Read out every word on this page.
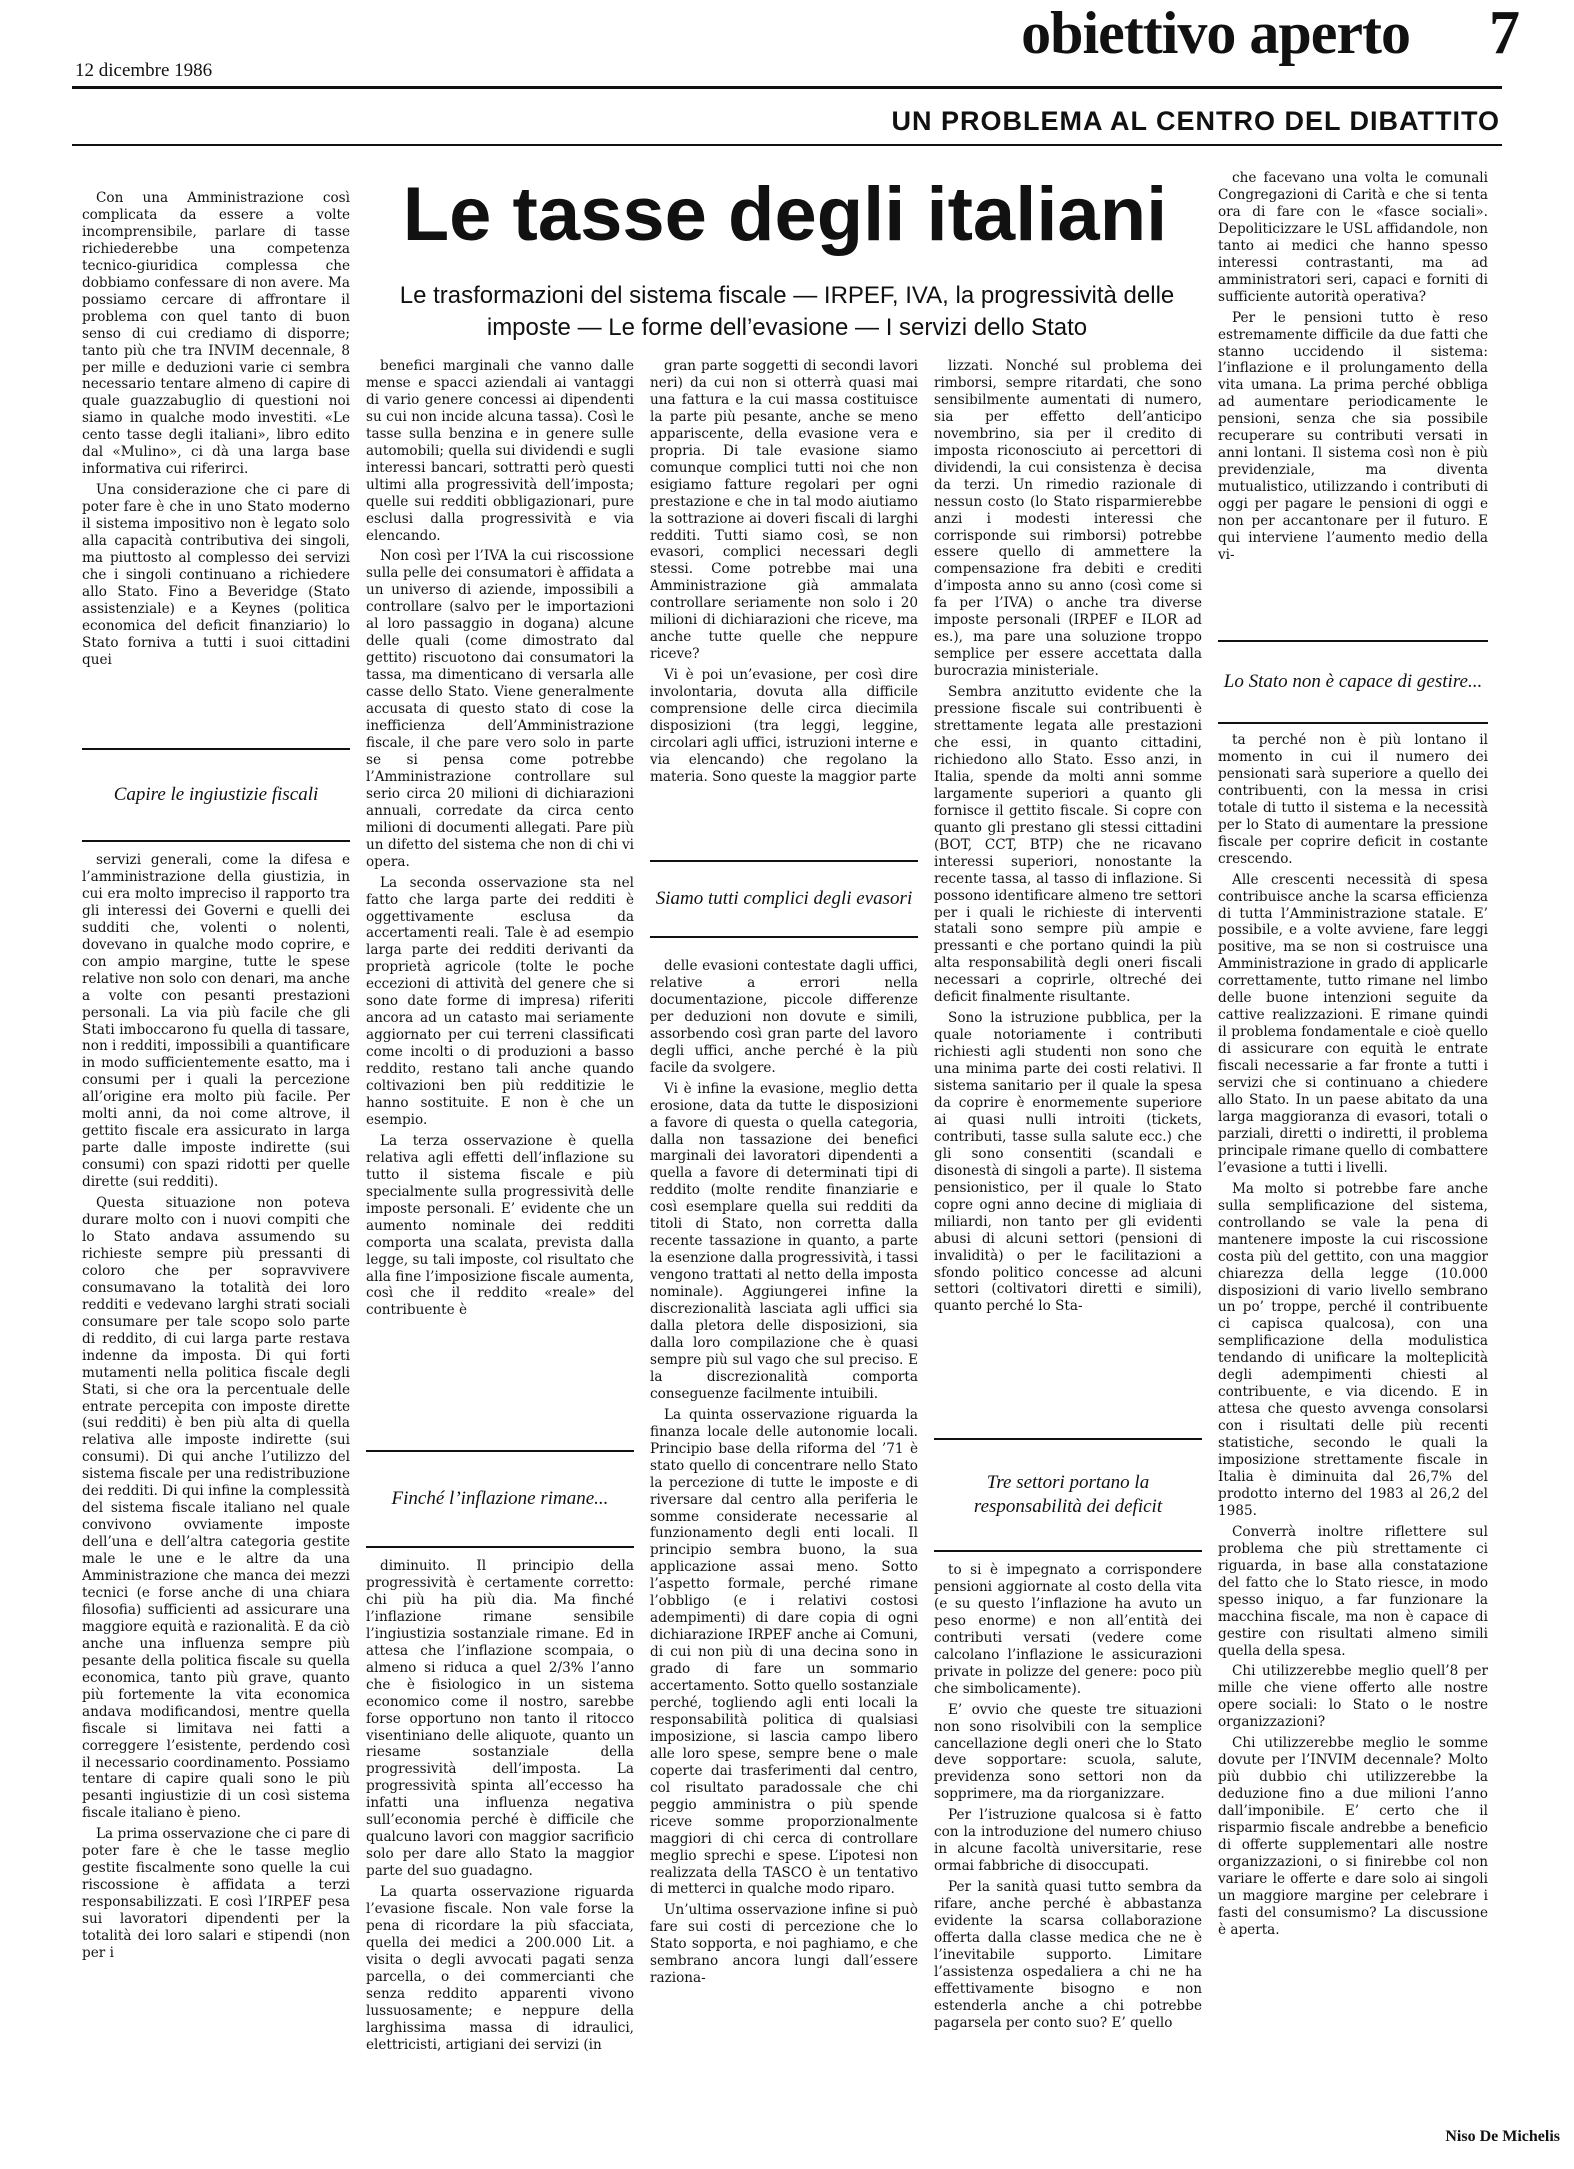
obiettivo aperto	7
12 dicembre 1986
UN PROBLEMA AL CENTRO DEL DIBATTITO
Le tasse degli italiani
Le trasformazioni del sistema fiscale — IRPEF, IVA, la progressività delle imposte — Le forme dell’evasione — I servizi dello Stato

Con una Amministrazione così complicata da essere a volte incomprensibile, parlare di tasse richiederebbe una competenza tecnico-giuridica complessa che dobbiamo confessare di non avere. Ma possiamo cercare di affrontare il problema con quel tanto di buon senso di cui crediamo di disporre; tanto più che tra INVIM decennale, 8 per mille e deduzioni varie ci sembra necessario tentare almeno di capire di quale guazzabuglio di questioni noi siamo in qualche modo investiti. «Le cento tasse degli italiani», libro edito dal «Mulino», ci dà una larga base informativa cui riferirci.

Una considerazione che ci pare di poter fare è che in uno Stato moderno il sistema impositivo non è legato solo alla capacità contributiva dei singoli, ma piuttosto al complesso dei servizi che i singoli continuano a richiedere allo Stato. Fino a Beveridge (Stato assistenziale) e a Keynes (politica economica del deficit finanziario) lo Stato forniva a tutti i suoi cittadini quei

Capire le ingiustizie fiscali

servizi generali, come la difesa e l’amministrazione della giustizia, in cui era molto impreciso il rapporto tra gli interessi dei Governi e quelli dei sudditi che, volenti o nolenti, dovevano in qualche modo coprire, e con ampio margine, tutte le spese relative non solo con denari, ma anche a volte con pesanti prestazioni personali. La via più facile che gli Stati imboccarono fu quella di tassare, non i redditi, impossibili a quantificare in modo sufficientemente esatto, ma i consumi per i quali la percezione all’origine era molto più facile. Per molti anni, da noi come altrove, il gettito fiscale era assicurato in larga parte dalle imposte indirette (sui consumi) con spazi ridotti per quelle dirette (sui redditi).

Questa situazione non poteva durare molto con i nuovi compiti che lo Stato andava assumendo su richieste sempre più pressanti di coloro che per sopravvivere consumavano la totalità dei loro redditi e vedevano larghi strati sociali consumare per tale scopo solo parte di reddito, di cui larga parte restava indenne da imposta. Di qui forti mutamenti nella politica fiscale degli Stati, si che ora la percentuale delle entrate percepita con imposte dirette (sui redditi) è ben più alta di quella relativa alle imposte indirette (sui consumi). Di qui anche l’utilizzo del sistema fiscale per una redistribuzione dei redditi. Di qui infine la complessità del sistema fiscale italiano nel quale convivono ovviamente imposte dell’una e dell’altra categoria gestite male le une e le altre da una Amministrazione che manca dei mezzi tecnici (e forse anche di una chiara filosofia) sufficienti ad assicurare una maggiore equità e razionalità. E da ciò anche una influenza sempre più pesante della politica fiscale su quella economica, tanto più grave, quanto più fortemente la vita economica andava modificandosi, mentre quella fiscale si limitava nei fatti a correggere l’esistente, perdendo così il necessario coordinamento. Possiamo tentare di capire quali sono le più pesanti ingiustizie di un così sistema fiscale italiano è pieno.

La prima osservazione che ci pare di poter fare è che le tasse meglio gestite fiscalmente sono quelle la cui riscossione è affidata a terzi responsabilizzati. E così l’IRPEF pesa sui lavoratori dipendenti per la totalità dei loro salari e stipendi (non per i

benefici marginali che vanno dalle mense e spacci aziendali ai vantaggi di vario genere concessi ai dipendenti su cui non incide alcuna tassa). Così le tasse sulla benzina e in genere sulle automobili; quella sui dividendi e sugli interessi bancari, sottratti però questi ultimi alla progressività dell’imposta; quelle sui redditi obbligazionari, pure esclusi dalla progressività e via elencando.

Non così per l’IVA la cui riscossione sulla pelle dei consumatori è affidata a un universo di aziende, impossibili a controllare (salvo per le importazioni al loro passaggio in dogana) alcune delle quali (come dimostrato dal gettito) riscuotono dai consumatori la tassa, ma dimenticano di versarla alle casse dello Stato. Viene generalmente accusata di questo stato di cose la inefficienza dell’Amministrazione fiscale, il che pare vero solo in parte se si pensa come potrebbe l’Amministrazione controllare sul serio circa 20 milioni di dichiarazioni annuali, corredate da circa cento milioni di documenti allegati. Pare più un difetto del sistema che non di chi vi opera.

La seconda osservazione sta nel fatto che larga parte dei redditi è oggettivamente esclusa da accertamenti reali. Tale è ad esempio larga parte dei redditi derivanti da proprietà agricole (tolte le poche eccezioni di attività del genere che si sono date forme di impresa) riferiti ancora ad un catasto mai seriamente aggiornato per cui terreni classificati come incolti o di produzioni a basso reddito, restano tali anche quando coltivazioni ben più redditizie le hanno sostituite. E non è che un esempio.

La terza osservazione è quella relativa agli effetti dell’inflazione su tutto il sistema fiscale e più specialmente sulla progressività delle imposte personali. E’ evidente che un aumento nominale dei redditi comporta una scalata, prevista dalla legge, su tali imposte, col risultato che alla fine l’imposizione fiscale aumenta, così che il reddito «reale» del contribuente è

Finché l’inflazione rimane...

diminuito. Il principio della progressività è certamente corretto: chi più ha più dia. Ma finché l’inflazione rimane sensibile l’ingiustizia sostanziale rimane. Ed in attesa che l’inflazione scompaia, o almeno si riduca a quel 2/3% l’anno che è fisiologico in un sistema economico come il nostro, sarebbe forse opportuno non tanto il ritocco visentiniano delle aliquote, quanto un riesame sostanziale della progressività dell’imposta. La progressività spinta all’eccesso ha infatti una influenza negativa sull’economia perché è difficile che qualcuno lavori con maggior sacrificio solo per dare allo Stato la maggior parte del suo guadagno.

La quarta osservazione riguarda l’evasione fiscale. Non vale forse la pena di ricordare la più sfacciata, quella dei medici a 200.000 Lit. a visita o degli avvocati pagati senza parcella, o dei commercianti che senza reddito apparenti vivono lussuosamente; e neppure della larghissima massa di idraulici, elettricisti, artigiani dei servizi (in

gran parte soggetti di secondi lavori neri) da cui non si otterrà quasi mai una fattura e la cui massa costituisce la parte più pesante, anche se meno appariscente, della evasione vera e propria. Di tale evasione siamo comunque complici tutti noi che non esigiamo fatture regolari per ogni prestazione e che in tal modo aiutiamo la sottrazione ai doveri fiscali di larghi redditi. Tutti siamo così, se non evasori, complici necessari degli stessi. Come potrebbe mai una Amministrazione già ammalata controllare seriamente non solo i 20 milioni di dichiarazioni che riceve, ma anche tutte quelle che neppure riceve?

Vi è poi un’evasione, per così dire involontaria, dovuta alla difficile comprensione delle circa diecimila disposizioni (tra leggi, leggine, circolari agli uffici, istruzioni interne e via elencando) che regolano la materia. Sono queste la maggior parte

Siamo tutti complici degli evasori

delle evasioni contestate dagli uffici, relative a errori nella documentazione, piccole differenze per deduzioni non dovute e simili, assorbendo così gran parte del lavoro degli uffici, anche perché è la più facile da svolgere.

Vi è infine la evasione, meglio detta erosione, data da tutte le disposizioni a favore di questa o quella categoria, dalla non tassazione dei benefici marginali dei lavoratori dipendenti a quella a favore di determinati tipi di reddito (molte rendite finanziarie e così esemplare quella sui redditi da titoli di Stato, non corretta dalla recente tassazione in quanto, a parte la esenzione dalla progressività, i tassi vengono trattati al netto della imposta nominale). Aggiungerei infine la discrezionalità lasciata agli uffici sia dalla pletora delle disposizioni, sia dalla loro compilazione che è quasi sempre più sul vago che sul preciso. E la discrezionalità comporta conseguenze facilmente intuibili.

La quinta osservazione riguarda la finanza locale delle autonomie locali. Principio base della riforma del ’71 è stato quello di concentrare nello Stato la percezione di tutte le imposte e di riversare dal centro alla periferia le somme considerate necessarie al funzionamento degli enti locali. Il principio sembra buono, la sua applicazione assai meno. Sotto l’aspetto formale, perché rimane l’obbligo (e i relativi costosi adempimenti) di dare copia di ogni dichiarazione IRPEF anche ai Comuni, di cui non più di una decina sono in grado di fare un sommario accertamento. Sotto quello sostanziale perché, togliendo agli enti locali la responsabilità politica di qualsiasi imposizione, si lascia campo libero alle loro spese, sempre bene o male coperte dai trasferimenti dal centro, col risultato paradossale che chi peggio amministra o più spende riceve somme proporzionalmente maggiori di chi cerca di controllare meglio sprechi e spese. L’ipotesi non realizzata della TASCO è un tentativo di metterci in qualche modo riparo.

Un’ultima osservazione infine si può fare sui costi di percezione che lo Stato sopporta, e noi paghiamo, e che sembrano ancora lungi dall’essere raziona-

lizzati. Nonché sul problema dei rimborsi, sempre ritardati, che sono sensibilmente aumentati di numero, sia per effetto dell’anticipo novembrino, sia per il credito di imposta riconosciuto ai percettori di dividendi, la cui consistenza è decisa da terzi. Un rimedio razionale di nessun costo (lo Stato risparmierebbe anzi i modesti interessi che corrisponde sui rimborsi) potrebbe essere quello di ammettere la compensazione fra debiti e crediti d’imposta anno su anno (così come si fa per l’IVA) o anche tra diverse imposte personali (IRPEF e ILOR ad es.), ma pare una soluzione troppo semplice per essere accettata dalla burocrazia ministeriale.

Sembra anzitutto evidente che la pressione fiscale sui contribuenti è strettamente legata alle prestazioni che essi, in quanto cittadini, richiedono allo Stato. Esso anzi, in Italia, spende da molti anni somme largamente superiori a quanto gli forniscе il gettito fiscale. Si copre con quanto gli prestano gli stessi cittadini (BOT, CCT, BTP) che ne ricavano interessi superiori, nonostante la recente tassa, al tasso di inflazione. Si possono identificare almeno tre settori per i quali le richieste di interventi statali sono sempre più ampie e pressanti e che portano quindi la più alta responsabilità degli oneri fiscali necessari a coprirle, oltreché dei deficit finalmente risultante.

Sono la istruzione pubblica, per la quale notoriamente i contributi richiesti agli studenti non sono che una minima parte dei costi relativi. Il sistema sanitario per il quale la spesa da coprire è enormemente superiore ai quasi nulli introiti (tickets, contributi, tasse sulla salute ecc.) che gli sono consentiti (scandali e disonestà di singoli a parte). Il sistema pensionistico, per il quale lo Stato copre ogni anno decine di migliaia di miliardi, non tanto per gli evidenti abusi di alcuni settori (pensioni di invalidità) o per le facilitazioni a sfondo politico concesse ad alcuni settori (coltivatori diretti e simili), quanto perché lo Sta-

Tre settori portano la responsabilità dei deficit

to si è impegnato a corrispondere pensioni aggiornate al costo della vita (e su questo l’inflazione ha avuto un peso enorme) e non all’entità dei contributi versati (vedere come calcolano l’inflazione le assicurazioni private in polizze del genere: poco più che simbolicamente).

E’ ovvio che queste tre situazioni non sono risolvibili con la semplice cancellazione degli oneri che lo Stato deve sopportare: scuola, salute, previdenza sono settori non da sopprimere, ma da riorganizzare.

Per l’istruzione qualcosa si è fatto con la introduzione del numero chiuso in alcune facoltà universitarie, rese ormai fabbriche di disoccupati.

Per la sanità quasi tutto sembra da rifare, anche perché è abbastanza evidente la scarsa collaborazione offerta dalla classe medica che ne è l’inevitabile supporto. Limitare l’assistenza ospedaliera a chi ne ha effettivamente bisogno e non estenderla anche a chi potrebbe pagarsela per conto suo? E’ quello

che facevano una volta le comunali Congregazioni di Carità e che si tenta ora di fare con le «fasce sociali». Depoliticizzare le USL affidandole, non tanto ai medici che hanno spesso interessi contrastanti, ma ad amministratori seri, capaci e forniti di sufficiente autorità operativa?

Per le pensioni tutto è reso estremamente difficile da due fatti che stanno uccidendo il sistema: l’inflazione e il prolungamento della vita umana. La prima perché obbliga ad aumentare periodicamente le pensioni, senza che sia possibile recuperare su contributi versati in anni lontani. Il sistema così non è più previdenziale, ma diventa mutualistico, utilizzando i contributi di oggi per pagare le pensioni di oggi e non per accantonare per il futuro. E qui interviene l’aumento medio della vi-

Lo Stato non è capace di gestire...

ta perché non è più lontano il momento in cui il numero dei pensionati sarà superiore a quello dei contribuenti, con la messa in crisi totale di tutto il sistema e la necessità per lo Stato di aumentare la pressione fiscale per coprire deficit in costante crescendo.

Alle crescenti necessità di spesa contribuisce anche la scarsa efficienza di tutta l’Amministrazione statale. E’ possibile, e a volte avviene, fare leggi positive, ma se non si costruisce una Amministrazione in grado di applicarle correttamente, tutto rimane nel limbo delle buone intenzioni seguite da cattive realizzazioni. E rimane quindi il problema fondamentale e cioè quello di assicurare con equità le entrate fiscali necessarie a far fronte a tutti i servizi che si continuano a chiedere allo Stato. In un paese abitato da una larga maggioranza di evasori, totali o parziali, diretti o indiretti, il problema principale rimane quello di combattere l’evasione a tutti i livelli.

Ma molto si potrebbe fare anche sulla semplificazione del sistema, controllando se vale la pena di mantenere imposte la cui riscossione costa più del gettito, con una maggior chiarezza della legge (10.000 disposizioni di vario livello sembrano un po’ troppe, perché il contribuente ci capisca qualcosa), con una semplificazione della modulistica tendando di unificare la molteplicità degli adempimenti chiesti al contribuente, e via dicendo. E in attesa che questo avvenga consolarsi con i risultati delle più recenti statistiche, secondo le quali la imposizione strettamente fiscale in Italia è diminuita dal 26,7% del prodotto interno del 1983 al 26,2 del 1985.

Converrà inoltre riflettere sul problema che più strettamente ci riguarda, in base alla constatazione del fatto che lo Stato riesce, in modo spesso iniquo, a far funzionare la macchina fiscale, ma non è capace di gestire con risultati almeno simili quella della spesa.

Chi utilizzerebbe meglio quell’8 per mille che viene offerto alle nostre opere sociali: lo Stato o le nostre organizzazioni?

Chi utilizzerebbe meglio le somme dovute per l’INVIM decennale? Molto più dubbio chi utilizzerebbe la deduzione fino a due milioni l’anno dall’imponibile. E’ certo che il risparmio fiscale andrebbe a beneficio di offerte supplementari alle nostre organizzazioni, o si finirebbe col non variare le offerte e dare solo ai singoli un maggiore margine per celebrare i fasti del consumismo? La discussione è aperta.

Niso De Michelis
